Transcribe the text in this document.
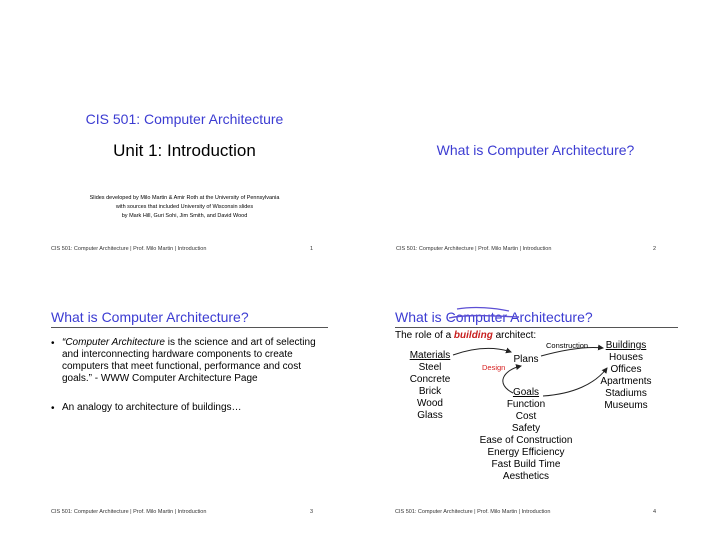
CIS 501: Computer Architecture
Unit 1: Introduction
Slides developed by Milo Martin & Amir Roth at the University of Pennsylvania
with sources that included University of Wisconsin slides
by Mark Hill, Guri Sohi, Jim Smith, and David Wood
CIS 501: Computer Architecture | Prof. Milo Martin | Introduction	1
What is Computer Architecture?
CIS 501: Computer Architecture | Prof. Milo Martin | Introduction	2
What is Computer Architecture?
• “Computer Architecture is the science and art of selecting
and interconnecting hardware components to create
computers that meet functional, performance and cost
goals.” - WWW Computer Architecture Page
• An analogy to architecture of buildings…
CIS 501: Computer Architecture | Prof. Milo Martin | Introduction	3
What is Computer Architecture?
The role of a building architect:
Construction
Design
Materials
Steel
Concrete
Brick
Wood
Glass
Plans
Goals
Function
Cost
Safety
Ease of Construction
Energy Efficiency
Fast Build Time
Aesthetics
Buildings
Houses
Offices
Apartments
Stadiums
Museums
CIS 501: Computer Architecture | Prof. Milo Martin | Introduction	4
